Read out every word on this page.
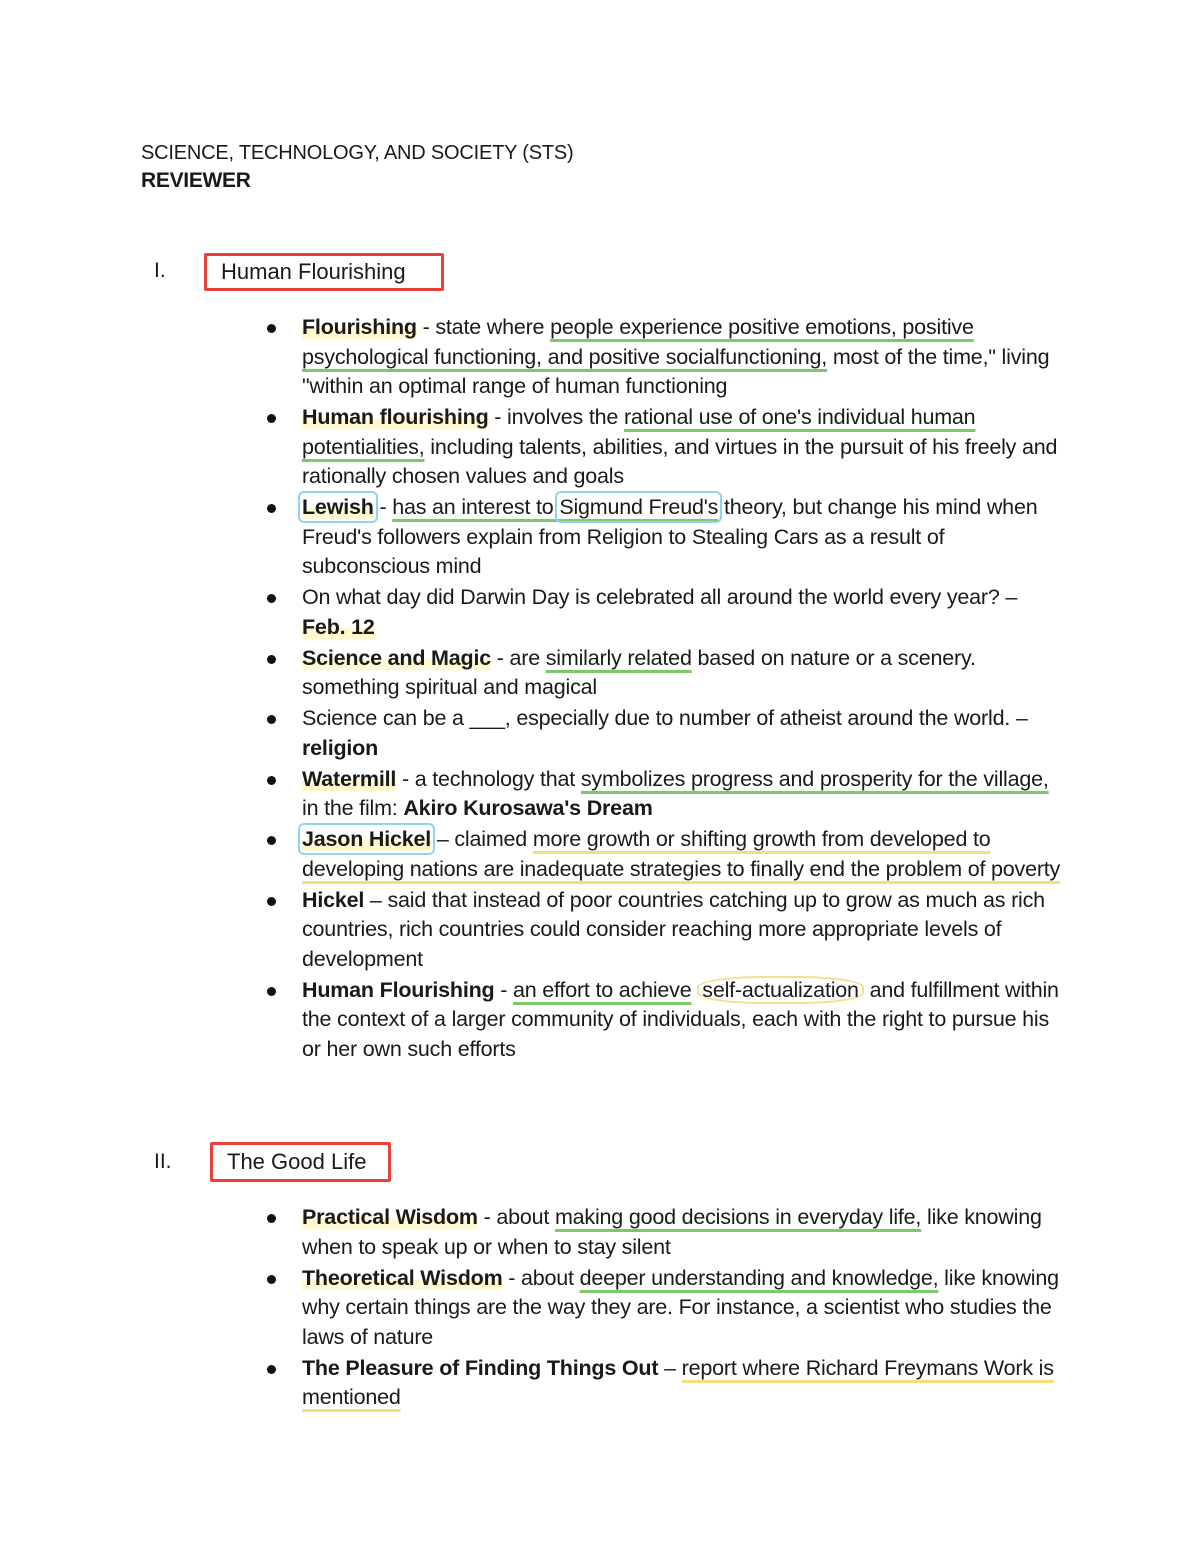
SCIENCE, TECHNOLOGY, AND SOCIETY (STS)
REVIEWER
I.	Human Flourishing
Flourishing - state where people experience positive emotions, positive psychological functioning, and positive socialfunctioning, most of the time," living "within an optimal range of human functioning
Human flourishing - involves the rational use of one's individual human potentialities, including talents, abilities, and virtues in the pursuit of his freely and rationally chosen values and goals
Lewish - has an interest to Sigmund Freud's theory, but change his mind when Freud's followers explain from Religion to Stealing Cars as a result of subconscious mind
On what day did Darwin Day is celebrated all around the world every year? – Feb. 12
Science and Magic - are similarly related based on nature or a scenery. something spiritual and magical
Science can be a ___, especially due to number of atheist around the world. – religion
Watermill - a technology that symbolizes progress and prosperity for the village, in the film: Akiro Kurosawa's Dream
Jason Hickel – claimed more growth or shifting growth from developed to developing nations are inadequate strategies to finally end the problem of poverty
Hickel – said that instead of poor countries catching up to grow as much as rich countries, rich countries could consider reaching more appropriate levels of development
Human Flourishing - an effort to achieve self-actualization and fulfillment within the context of a larger community of individuals, each with the right to pursue his or her own such efforts
II.	The Good Life
Practical Wisdom - about making good decisions in everyday life, like knowing when to speak up or when to stay silent
Theoretical Wisdom - about deeper understanding and knowledge, like knowing why certain things are the way they are. For instance, a scientist who studies the laws of nature
The Pleasure of Finding Things Out – report where Richard Freymans Work is mentioned
